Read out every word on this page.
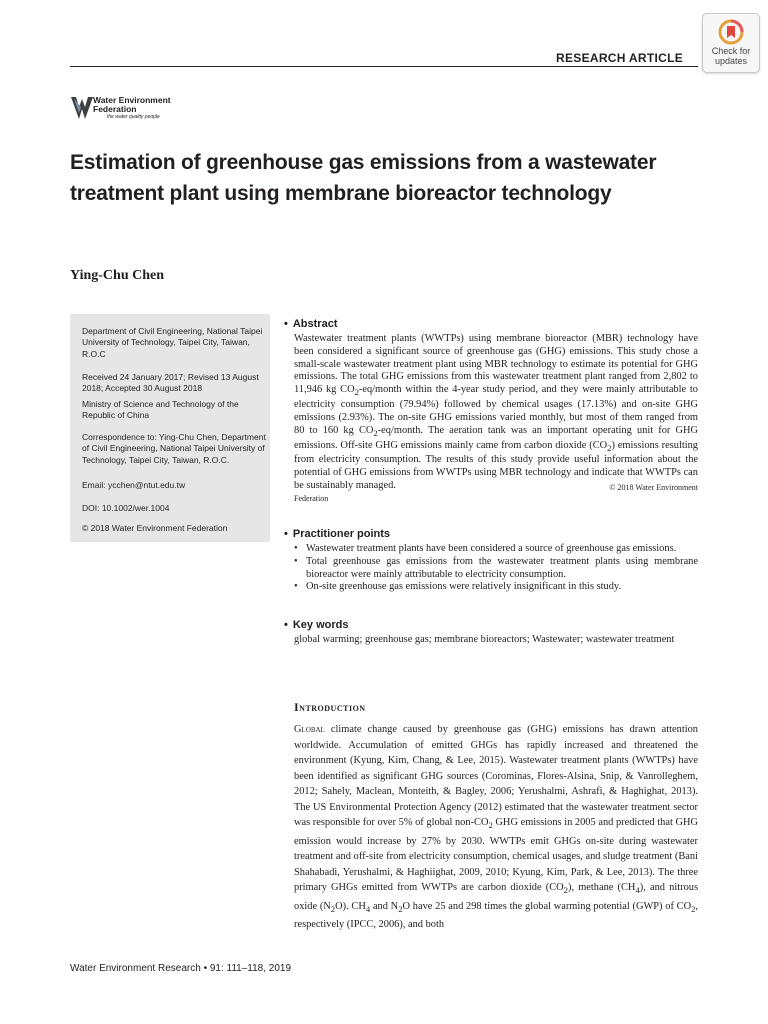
RESEARCH ARTICLE	Check for
updates
Water Environment
Federation
the water quality people
Estimation of greenhouse gas emissions from a wastewater treatment plant using membrane bioreactor technology
Ying-Chu Chen
Department of Civil Engineering, National Taipei University of Technology, Taipei City, Taiwan, R.O.C
Received 24 January 2017; Revised 13 August 2018; Accepted 30 August 2018
Ministry of Science and Technology of the Republic of China
Correspondence to: Ying-Chu Chen, Department of Civil Engineering, National Taipei University of Technology, Taipei City, Taiwan, R.O.C.
Email: ycchen@ntut.edu.tw
DOI: 10.1002/wer.1004
© 2018 Water Environment Federation
• Abstract
Wastewater treatment plants (WWTPs) using membrane bioreactor (MBR) technology have been considered a significant source of greenhouse gas (GHG) emissions. This study chose a small-scale wastewater treatment plant using MBR technology to estimate its potential for GHG emissions. The total GHG emissions from this wastewater treatment plant ranged from 2,802 to 11,946 kg $CO_2-eq$/month within the 4-year study period, and they were mainly attributable to electricity consumption (79.94%) followed by chemical usages (17.13%) and on-site GHG emissions (2.93%). The on-site GHG emissions varied monthly, but most of them ranged from 80 to 160 kg $CO_2-eq$/month. The aeration tank was an important operating unit for GHG emissions. Off-site GHG emissions mainly came from carbon dioxide $(CO_2)$ emissions resulting from electricity consumption. The results of this study provide useful information about the potential of GHG emissions from WWTPs using MBR technology and indicate that WWTPs can be sustainably managed.	© 2018 Water Environment
Federation
• Practitioner points
• Wastewater treatment plants have been considered a source of greenhouse gas emissions.
• Total greenhouse gas emissions from the wastewater treatment plants using membrane bioreactor were mainly attributable to electricity consumption.
• On-site greenhouse gas emissions were relatively insignificant in this study.
• Key words
global warming; greenhouse gas; membrane bioreactors; Wastewater; wastewater treatment
Introduction
Global climate change caused by greenhouse gas (GHG) emissions has drawn attention worldwide. Accumulation of emitted GHGs has rapidly increased and threatened the environment (Kyung, Kim, Chang, & Lee, 2015). Wastewater treatment plants (WWTPs) have been identified as significant GHG sources (Corominas, Flores-Alsina, Snip, & Vanrolleghem, 2012; Sahely, Maclean, Monteith, & Bagley, 2006; Yerushalmi, Ashrafi, & Haghighat, 2013). The US Environmental Protection Agency (2012) estimated that the wastewater treatment sector was responsible for over 5% of global non-$CO_2$ GHG emissions in 2005 and predicted that GHG emission would increase by 27% by 2030. WWTPs emit GHGs on-site during wastewater treatment and off-site from electricity consumption, chemical usages, and sludge treatment (Bani Shahabadi, Yerushalmi, & Haghiighat, 2009, 2010; Kyung, Kim, Park, & Lee, 2013). The three primary GHGs emitted from WWTPs are carbon dioxide $(CO_2)$, methane $(CH_4)$, and nitrous oxide $(N_2O)$. $CH_4$ and $N_2O$ have 25 and 298 times the global warming potential (GWP) of $CO_2$, respectively (IPCC, 2006), and both
Water Environment Research • 91: 111–118, 2019
